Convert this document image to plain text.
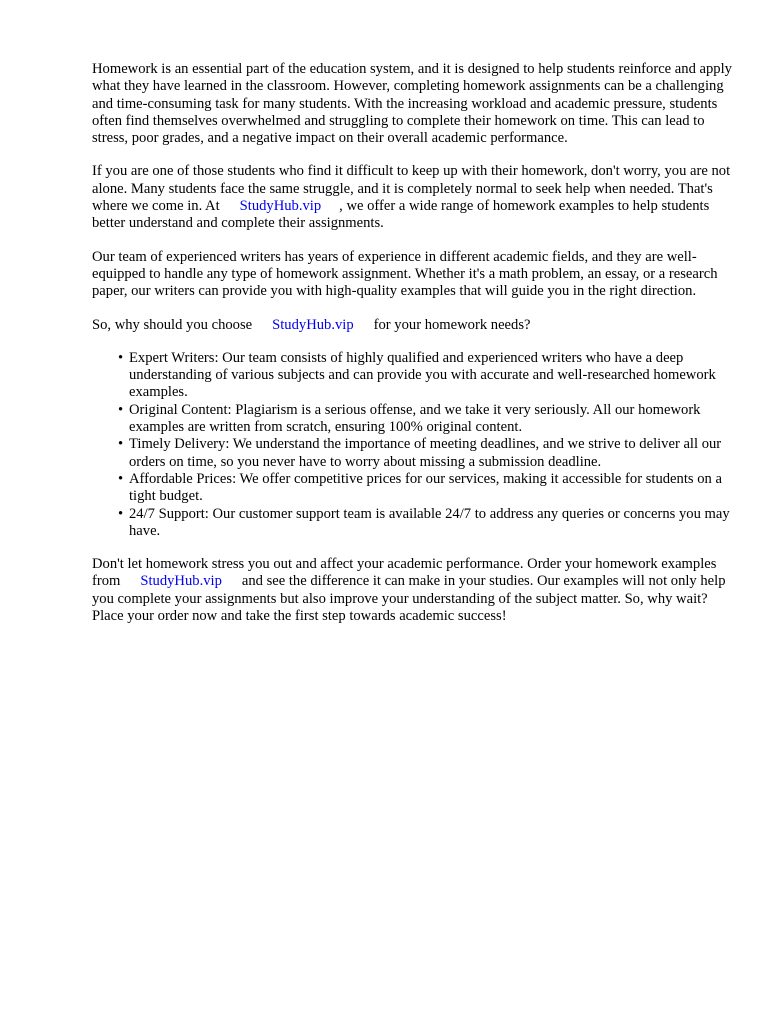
Homework is an essential part of the education system, and it is designed to help students reinforce and apply what they have learned in the classroom. However, completing homework assignments can be a challenging and time-consuming task for many students. With the increasing workload and academic pressure, students often find themselves overwhelmed and struggling to complete their homework on time. This can lead to stress, poor grades, and a negative impact on their overall academic performance.

If you are one of those students who find it difficult to keep up with their homework, don't worry, you are not alone. Many students face the same struggle, and it is completely normal to seek help when needed. That's where we come in. At StudyHub.vip , we offer a wide range of homework examples to help students better understand and complete their assignments.

Our team of experienced writers has years of experience in different academic fields, and they are well-equipped to handle any type of homework assignment. Whether it's a math problem, an essay, or a research paper, our writers can provide you with high-quality examples that will guide you in the right direction.

So, why should you choose StudyHub.vip for your homework needs?

• Expert Writers: Our team consists of highly qualified and experienced writers who have a deep understanding of various subjects and can provide you with accurate and well-researched homework examples.
• Original Content: Plagiarism is a serious offense, and we take it very seriously. All our homework examples are written from scratch, ensuring 100% original content.
• Timely Delivery: We understand the importance of meeting deadlines, and we strive to deliver all our orders on time, so you never have to worry about missing a submission deadline.
• Affordable Prices: We offer competitive prices for our services, making it accessible for students on a tight budget.
• 24/7 Support: Our customer support team is available 24/7 to address any queries or concerns you may have.

Don't let homework stress you out and affect your academic performance. Order your homework examples from StudyHub.vip and see the difference it can make in your studies. Our examples will not only help you complete your assignments but also improve your understanding of the subject matter. So, why wait? Place your order now and take the first step towards academic success!
